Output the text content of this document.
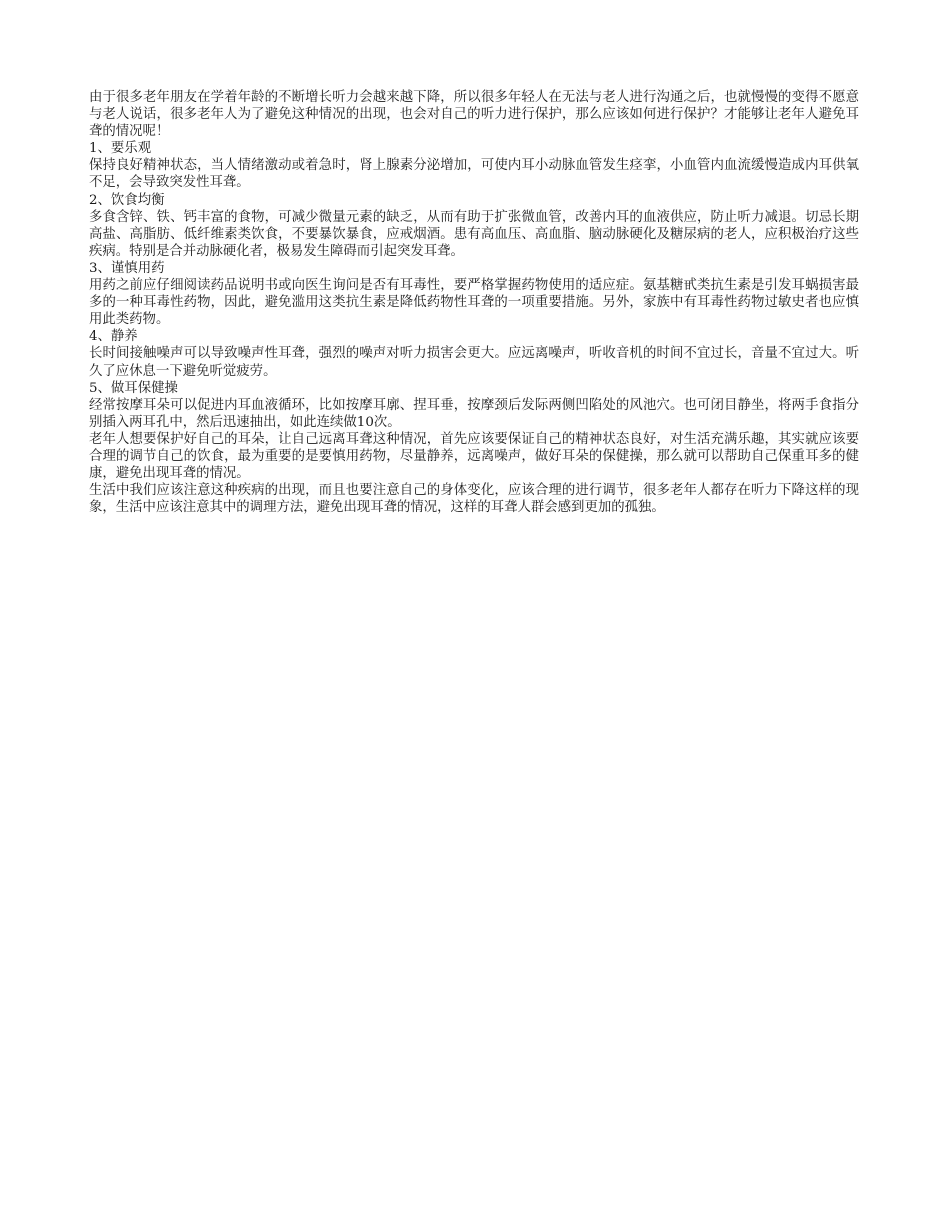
由于很多老年朋友在学着年龄的不断增长听力会越来越下降，所以很多年轻人在无法与老人进行沟通之后，也就慢慢的变得不愿意与老人说话，很多老年人为了避免这种情况的出现，也会对自己的听力进行保护，那么应该如何进行保护？才能够让老年人避免耳聋的情况呢！

1、要乐观

保持良好精神状态，当人情绪激动或着急时，肾上腺素分泌增加，可使内耳小动脉血管发生痉挛，小血管内血流缓慢造成内耳供氧不足，会导致突发性耳聋。

2、饮食均衡

多食含锌、铁、钙丰富的食物，可减少微量元素的缺乏，从而有助于扩张微血管，改善内耳的血液供应，防止听力减退。切忌长期高盐、高脂肪、低纤维素类饮食，不要暴饮暴食，应戒烟酒。患有高血压、高血脂、脑动脉硬化及糖尿病的老人，应积极治疗这些疾病。特别是合并动脉硬化者，极易发生障碍而引起突发耳聋。

3、谨慎用药

用药之前应仔细阅读药品说明书或向医生询问是否有耳毒性，要严格掌握药物使用的适应症。氨基糖甙类抗生素是引发耳蜗损害最多的一种耳毒性药物，因此，避免滥用这类抗生素是降低药物性耳聋的一项重要措施。另外，家族中有耳毒性药物过敏史者也应慎用此类药物。

4、静养

长时间接触噪声可以导致噪声性耳聋，强烈的噪声对听力损害会更大。应远离噪声，听收音机的时间不宜过长，音量不宜过大。听久了应休息一下避免听觉疲劳。

5、做耳保健操

经常按摩耳朵可以促进内耳血液循环，比如按摩耳廓、捏耳垂，按摩颈后发际两侧凹陷处的风池穴。也可闭目静坐，将两手食指分别插入两耳孔中，然后迅速抽出，如此连续做10次。

老年人想要保护好自己的耳朵，让自己远离耳聋这种情况，首先应该要保证自己的精神状态良好，对生活充满乐趣，其实就应该要合理的调节自己的饮食，最为重要的是要慎用药物，尽量静养，远离噪声，做好耳朵的保健操，那么就可以帮助自己保重耳多的健康，避免出现耳聋的情况。

生活中我们应该注意这种疾病的出现，而且也要注意自己的身体变化，应该合理的进行调节，很多老年人都存在听力下降这样的现象，生活中应该注意其中的调理方法，避免出现耳聋的情况，这样的耳聋人群会感到更加的孤独。
